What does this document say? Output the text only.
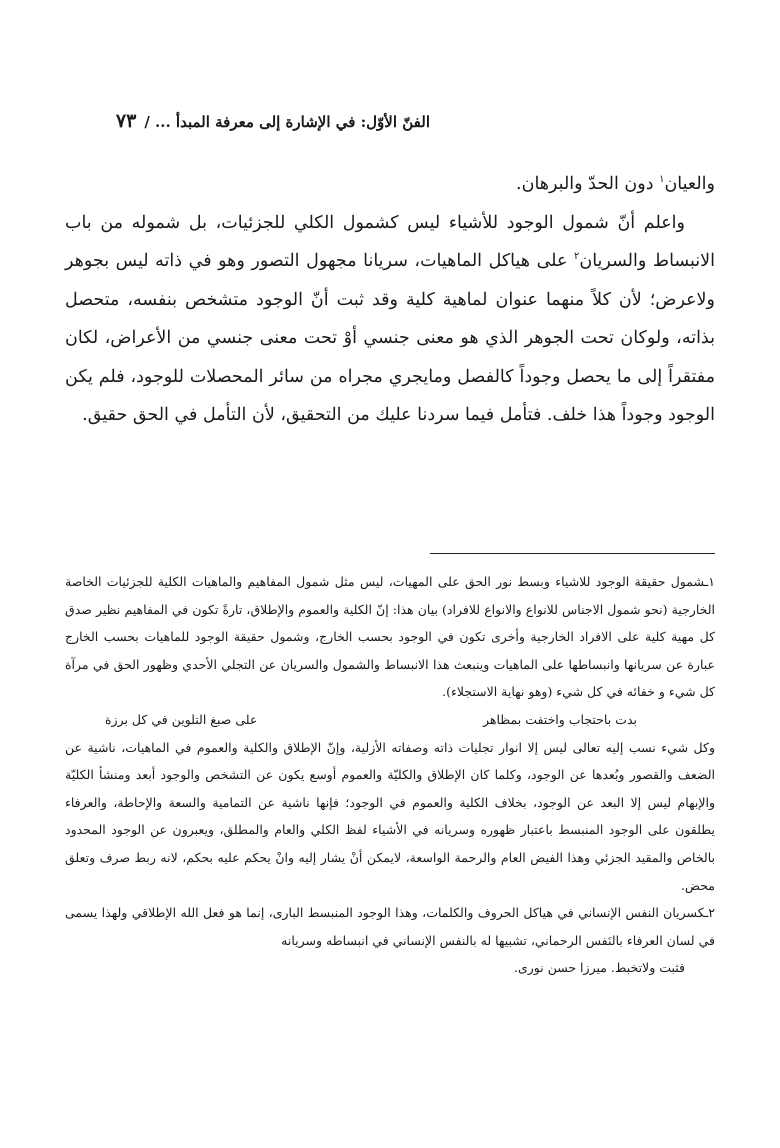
الفنّ الأوّل: في الإشارة إلى معرفة المبدأ ... /٧٣

والعيان$^١$ دون الحدّ والبرهان.

واعلم أنّ شمول الوجود للأشياء ليس كشمول الكلي للجزئيات، بل شموله من باب الانبساط والسريان$^٢$ على هياكل الماهيات، سريانا مجهول التصور وهو في ذاته ليس بجوهر ولاعرض؛ لأن كلاً منهما عنوان لماهية كلية وقد ثبت أنّ الوجود متشخص بنفسه، متحصل بذاته، ولوكان تحت الجوهر الذي هو معنى جنسي أوْ تحت معنى جنسي من الأعراض، لكان مفتقراً إلى ما يحصل وجوداً كالفصل ومايجري مجراه من سائر المحصلات للوجود، فلم يكن الوجود وجوداً هذا خلف. فتأمل فيما سردنا عليك من التحقيق، لأن التأمل في الحق حقيق.

١ـشمول حقيقة الوجود للاشياء وبسط نور الحق على المهيات، ليس مثل شمول المفاهيم والماهيات الكلية للجزئيات الخاصة الخارجية (نحو شمول الاجناس للانواع والانواع للافراد) بيان هذا: إنّ الكلية والعموم والإطلاق، تارةً تكون في المفاهيم نظير صدق كل مهية كلية على الافراد الخارجية وأخرى تكون في الوجود بحسب الخارج، وشمول حقيقة الوجود للماهيات بحسب الخارج عبارة عن سريانها وانبساطها على الماهيات وينبعث هذا الانبساط والشمول والسريان عن التجلي الأحدي وظهور الحق في مرآة كل شيء و خفائه في كل شيء (وهو نهاية الاستجلاء).

بدت باحتجاب واختفت بمظاهر
على صبغ التلوين في كل برزة

وكل شيء نسب إليه تعالى ليس إلا انوار تجليات ذاته وصفاته الأزلية، وإنّ الإطلاق والكلية والعموم في الماهيات، ناشية عن الضعف والقصور وبُعدها عن الوجود، وكلما كان الإطلاق والكليّة والعموم أوسع يكون عن التشخص والوجود أبعد ومنشأ الكليّة والإبهام ليس إلا البعد عن الوجود، بخلاف الكلية والعموم في الوجود؛ فإنها ناشية عن التمامية والسعة والإحاطة، والعرفاء يطلقون على الوجود المنبسط باعتبار ظهوره وسريانه في الأشياء لفظ الكلي والعام والمطلق، ويعبرون عن الوجود المحدود بالخاص والمقيد الجزئي وهذا الفيض العام والرحمة الواسعة، لايمكن أنْ يشار إليه وانْ يحكم عليه بحكم، لانه ربط صرف وتعلق محض.

٢ـكسريان النفس الإنساني في هياكل الحروف والكلمات، وهذا الوجود المنبسط البارى، إنما هو فعل الله الإطلاقي ولهذا يسمى في لسان العرفاء بالنَفس الرحماني، تشبيها له بالنفس الإنساني في انبساطه وسريانه

فثبت ولاتخبط. ميرزا حسن نورى.
